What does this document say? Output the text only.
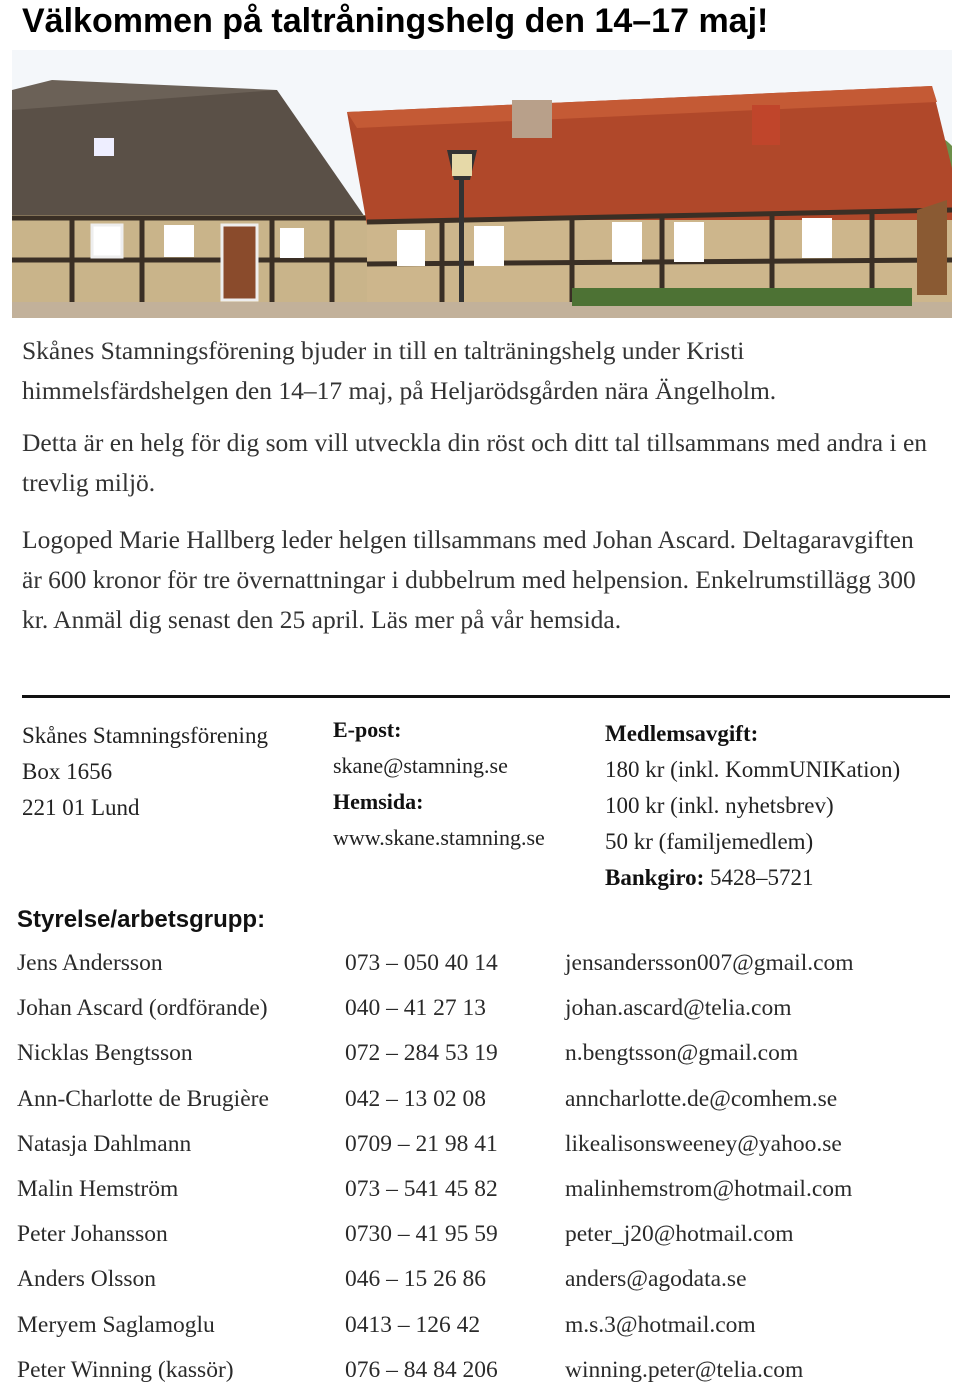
Välkommen på taltråningshelg den 14–17 maj!

Skånes Stamningsförening bjuder in till en talträningshelg under Kristi himmelsfärdshelgen den 14–17 maj, på Heljarödsgården nära Ängelholm.

Detta är en helg för dig som vill utveckla din röst och ditt tal tillsammans med andra i en trevlig miljö.

Logoped Marie Hallberg leder helgen tillsammans med Johan Ascard. Deltagaravgiften är 600 kronor för tre övernattningar i dubbelrum med helpension. Enkelrumstillägg 300 kr. Anmäl dig senast den 25 april. Läs mer på vår hemsida.

Skånes Stamningsförening
Box 1656
221 01 Lund
E-post:
skane@stamning.se
Hemsida:
www.skane.stamning.se
Medlemsavgift:
180 kr (inkl. KommUNIKation)
100 kr (inkl. nyhetsbrev)
50 kr (familjemedlem)
Bankgiro: 5428–5721
Styrelse/arbetsgrupp:
Jens Andersson	073 – 050 40 14	jensandersson007@gmail.com
Johan Ascard (ordförande)	040 – 41 27 13	johan.ascard@telia.com
Nicklas Bengtsson	072 – 284 53 19	n.bengtsson@gmail.com
Ann-Charlotte de Brugière	042 – 13 02 08	anncharlotte.de@comhem.se
Natasja Dahlmann	0709 – 21 98 41	likealisonsweeney@yahoo.se
Malin Hemström	073 – 541 45 82	malinhemstrom@hotmail.com
Peter Johansson	0730 – 41 95 59	peter_j20@hotmail.com
Anders Olsson	046 – 15 26 86	anders@agodata.se
Meryem Saglamoglu	0413 – 126 42	m.s.3@hotmail.com
Peter Winning (kassör)	076 – 84 84 206	winning.peter@telia.com
